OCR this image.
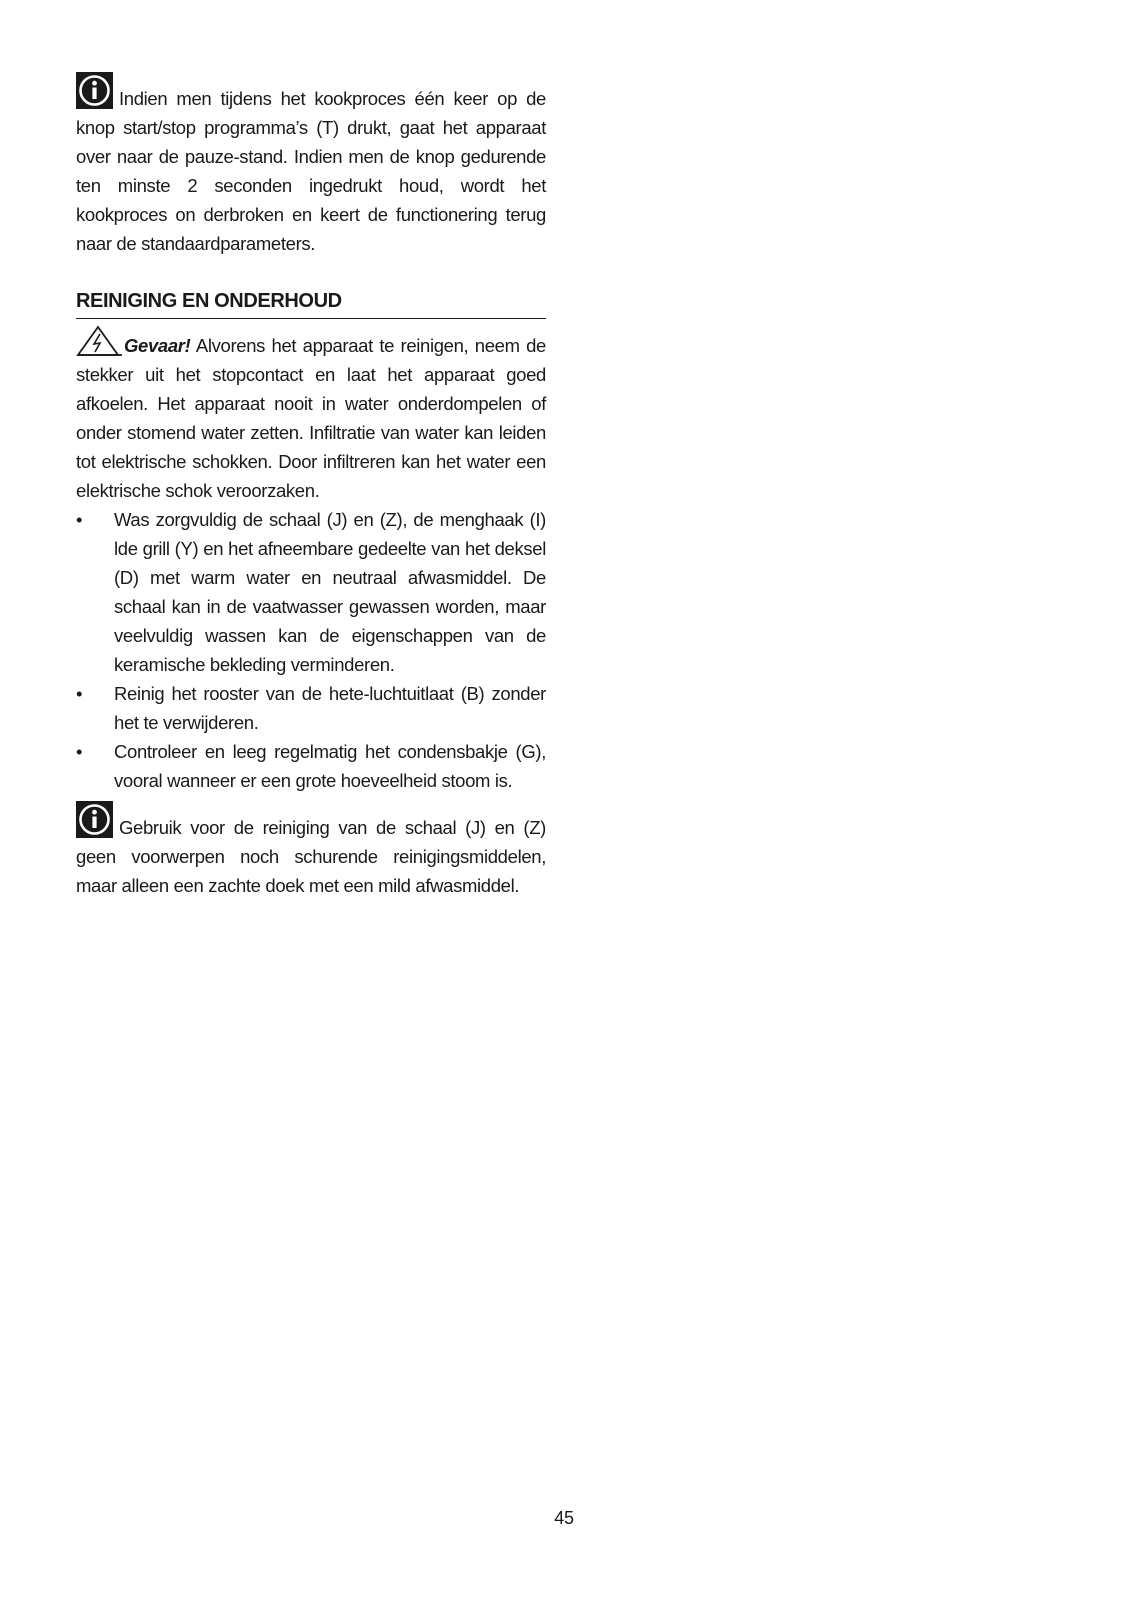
Indien men tijdens het kookproces één keer op de knop start/stop programma’s (T) drukt, gaat het apparaat over naar de pauze-stand. Indien men de knop gedurende ten minste 2 seconden ingedrukt houd, wordt het kookproces on derbroken en keert de functionering terug naar de standaardparameters.

REINIGING EN ONDERHOUD

Gevaar! Alvorens het apparaat te reinigen, neem de stekker uit het stopcontact en laat het apparaat goed afkoelen. Het apparaat nooit in water onderdompelen of onder stomend water zetten. Infiltratie van water kan leiden tot elektrische schokken. Door infiltreren kan het water een elektrische schok veroorzaken.

• Was zorgvuldig de schaal (J) en (Z), de menghaak (I) lde grill (Y) en het afneembare gedeelte van het deksel (D) met warm water en neutraal afwasmiddel. De schaal kan in de vaatwasser gewassen worden, maar veelvuldig wassen kan de eigenschappen van de keramische bekleding verminderen.
• Reinig het rooster van de hete-luchtuitlaat (B) zonder het te verwijderen.
• Controleer en leeg regelmatig het condensbakje (G), vooral wanneer er een grote hoeveelheid stoom is.

Gebruik voor de reiniging van de schaal (J) en (Z) geen voorwerpen noch schurende reinigingsmiddelen, maar alleen een zachte doek met een mild afwasmiddel.

45
